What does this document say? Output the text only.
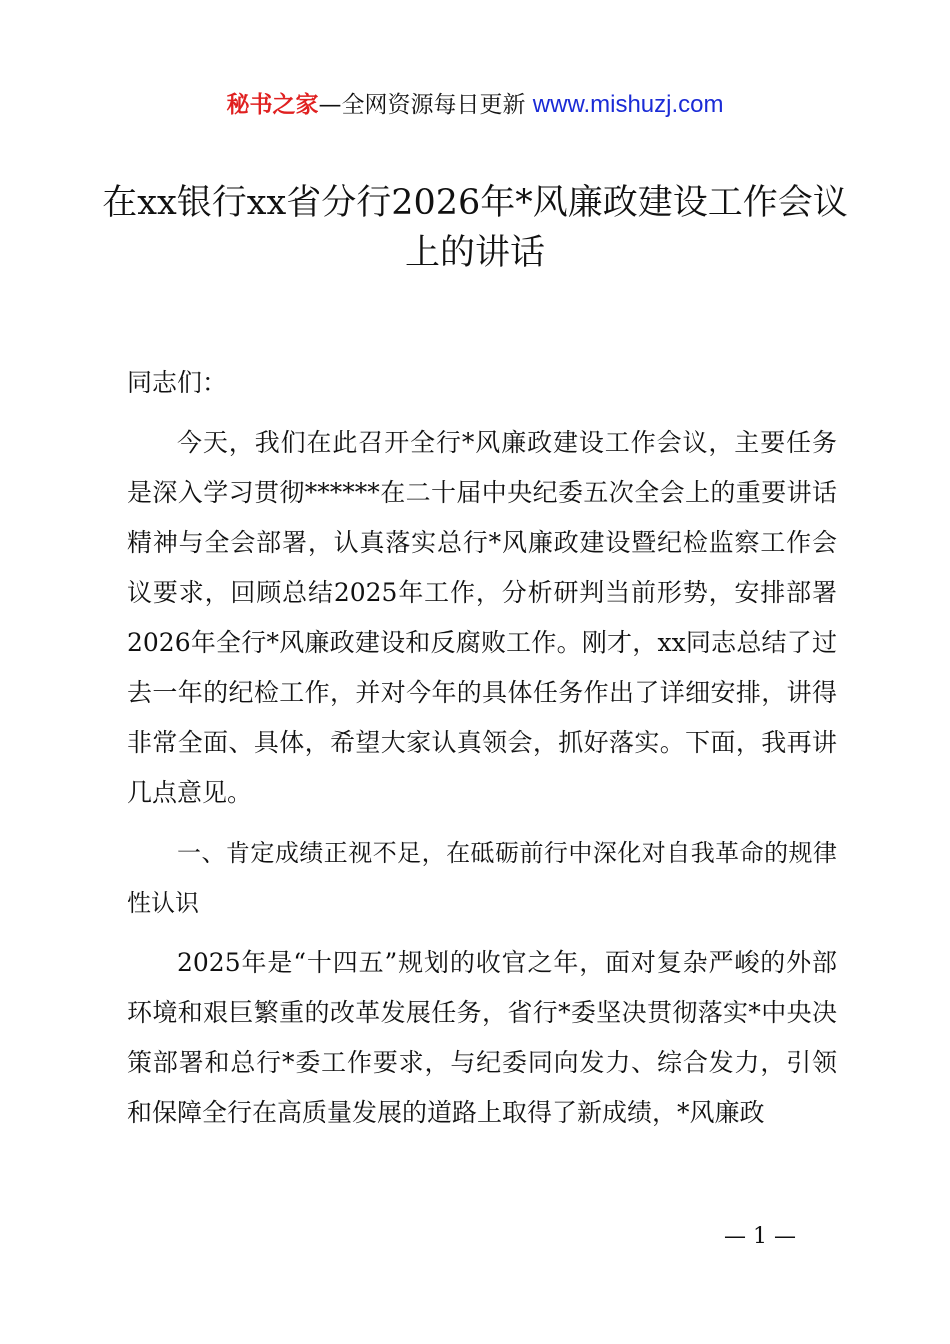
秘书之家—全网资源每日更新 www.mishuzj.com
在xx银行xx省分行2026年*风廉政建设工作会议上的讲话

同志们：

今天，我们在此召开全行*风廉政建设工作会议，主要任务是深入学习贯彻******在二十届中央纪委五次全会上的重要讲话精神与全会部署，认真落实总行*风廉政建设暨纪检监察工作会议要求，回顾总结2025年工作，分析研判当前形势，安排部署2026年全行*风廉政建设和反腐败工作。刚才，xx同志总结了过去一年的纪检工作，并对今年的具体任务作出了详细安排，讲得非常全面、具体，希望大家认真领会，抓好落实。下面，我再讲几点意见。

一、肯定成绩正视不足，在砥砺前行中深化对自我革命的规律性认识

2025年是“十四五”规划的收官之年，面对复杂严峻的外部环境和艰巨繁重的改革发展任务，省行*委坚决贯彻落实*中央决策部署和总行*委工作要求，与纪委同向发力、综合发力，引领和保障全行在高质量发展的道路上取得了新成绩，*风廉政

— 1 —
